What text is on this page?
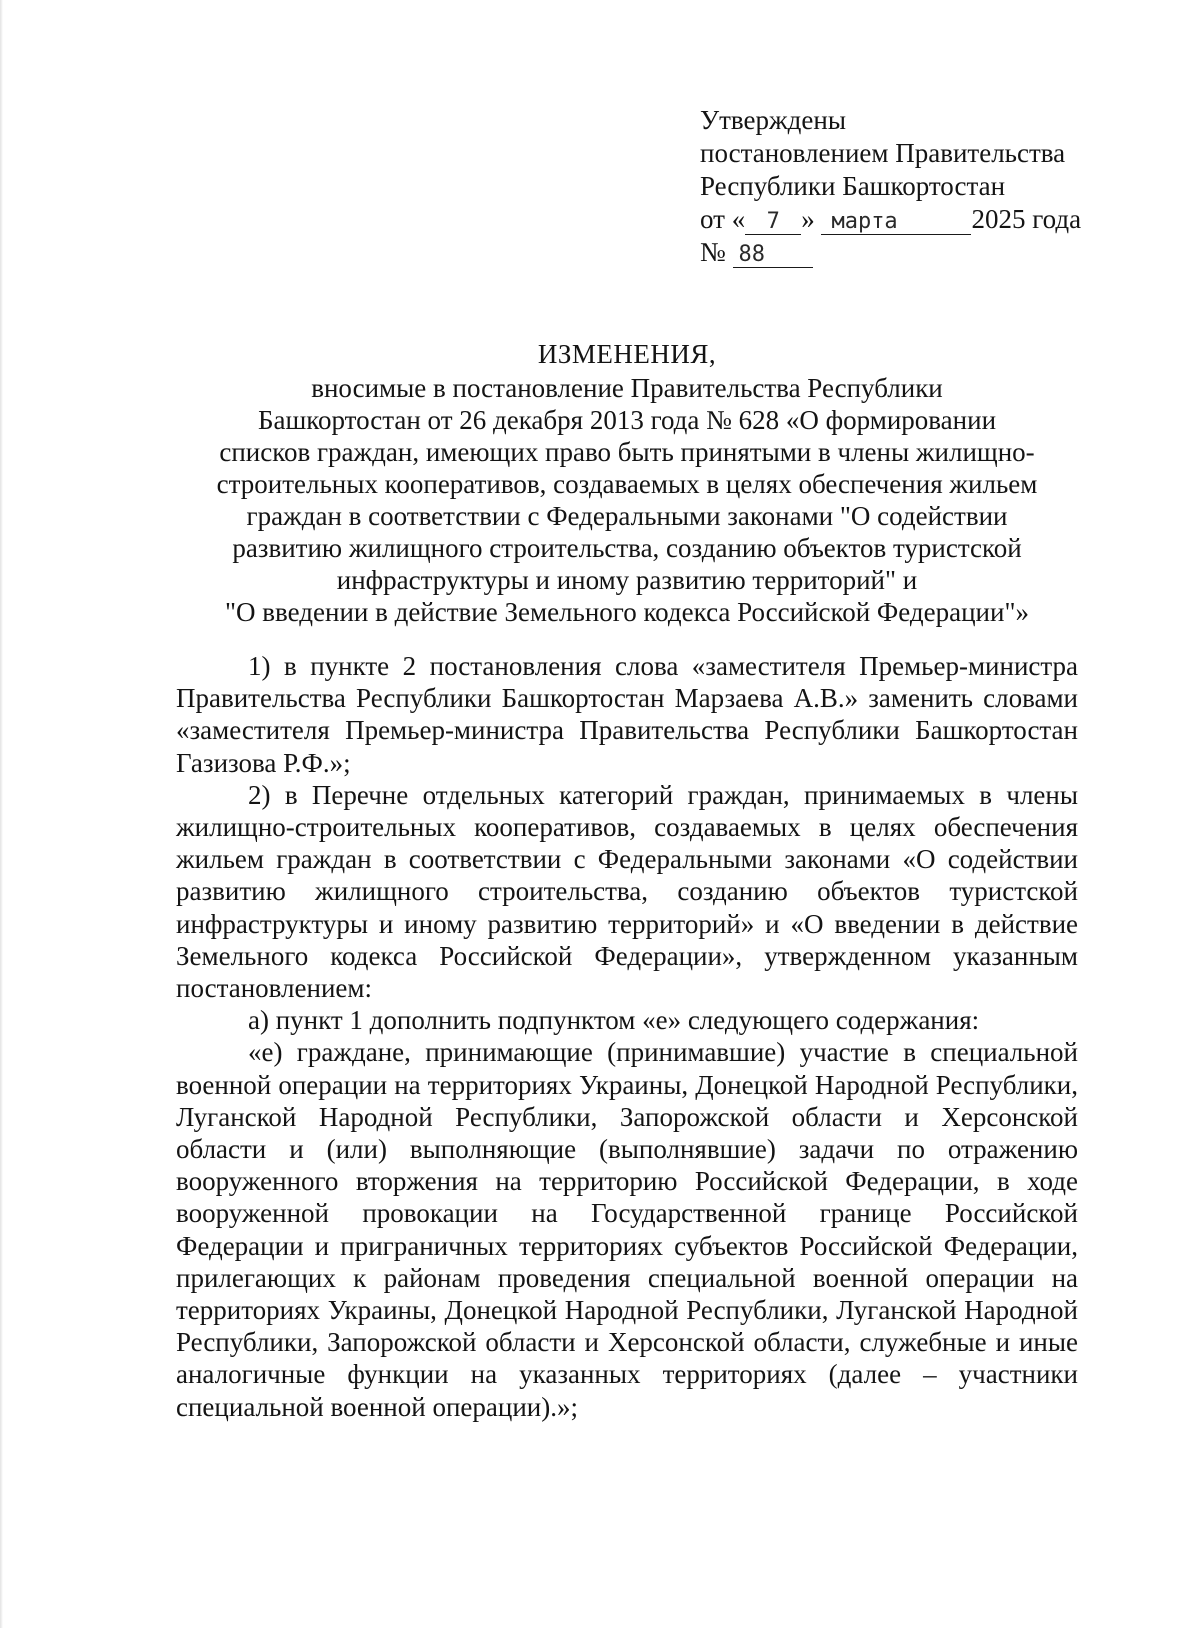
Утверждены
постановлением Правительства
Республики Башкортостан
от « 7 » марта	2025 года
№ 88
ИЗМЕНЕНИЯ,
вносимые в постановление Правительства Республики
Башкортостан от 26 декабря 2013 года № 628 «О формировании
списков граждан, имеющих право быть принятыми в члены жилищно-
строительных кооперативов, создаваемых в целях обеспечения жильем
граждан в соответствии с Федеральными законами "О содействии
развитию жилищного строительства, созданию объектов туристской
инфраструктуры и иному развитию территорий" и
"О введении в действие Земельного кодекса Российской Федерации"»

1) в пункте 2 постановления слова «заместителя Премьер-министра Правительства Республики Башкортостан Марзаева А.В.» заменить словами «заместителя Премьер-министра Правительства Республики Башкортостан Газизова Р.Ф.»;

2) в Перечне отдельных категорий граждан, принимаемых в члены жилищно-строительных кооперативов, создаваемых в целях обеспечения жильем граждан в соответствии с Федеральными законами «О содействии развитию жилищного строительства, созданию объектов туристской инфраструктуры и иному развитию территорий» и «О введении в действие Земельного кодекса Российской Федерации», утвержденном указанным постановлением:

а) пункт 1 дополнить подпунктом «е» следующего содержания:

«е) граждане, принимающие (принимавшие) участие в специальной военной операции на территориях Украины, Донецкой Народной Республики, Луганской Народной Республики, Запорожской области и Херсонской области и (или) выполняющие (выполнявшие) задачи по отражению вооруженного вторжения на территорию Российской Федерации, в ходе вооруженной провокации на Государственной границе Российской Федерации и приграничных территориях субъектов Российской Федерации, прилегающих к районам проведения специальной военной операции на территориях Украины, Донецкой Народной Республики, Луганской Народной Республики, Запорожской области и Херсонской области, служебные и иные аналогичные функции на указанных территориях (далее – участники специальной военной операции).»;
